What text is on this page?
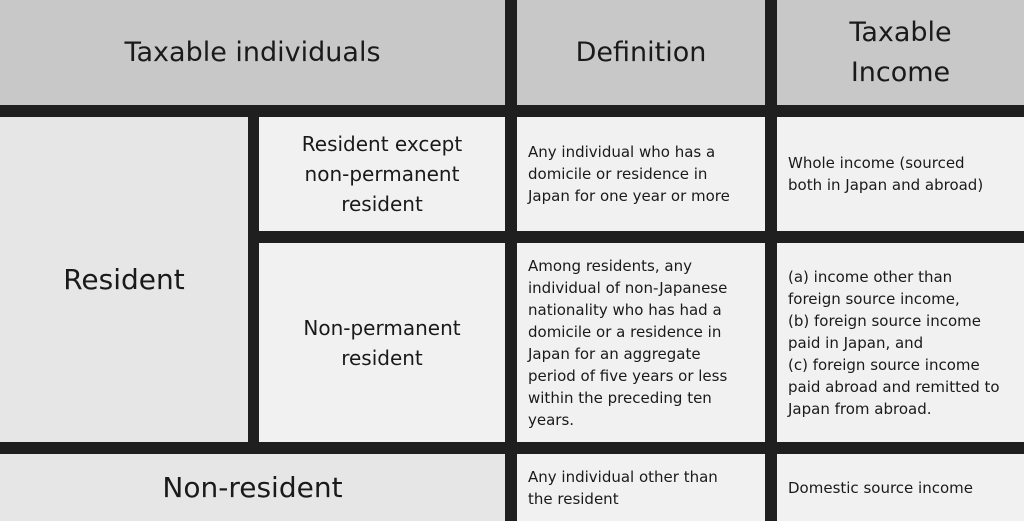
Taxable individuals	Definition
Taxable
Income
Resident
Resident except
non-permanent
resident
Any individual who has a
domicile or residence in
Japan for one year or more
Whole income (sourced
both in Japan and abroad)
Non-permanent
resident
Among residents, any
individual of non-Japanese
nationality who has had a
domicile or a residence in
Japan for an aggregate
period of five years or less
within the preceding ten
years.
(a) income other than
foreign source income,
(b) foreign source income
paid in Japan, and
(c) foreign source income
paid abroad and remitted to
Japan from abroad.
Non-resident	Any individual other than
the resident
Domestic source income
